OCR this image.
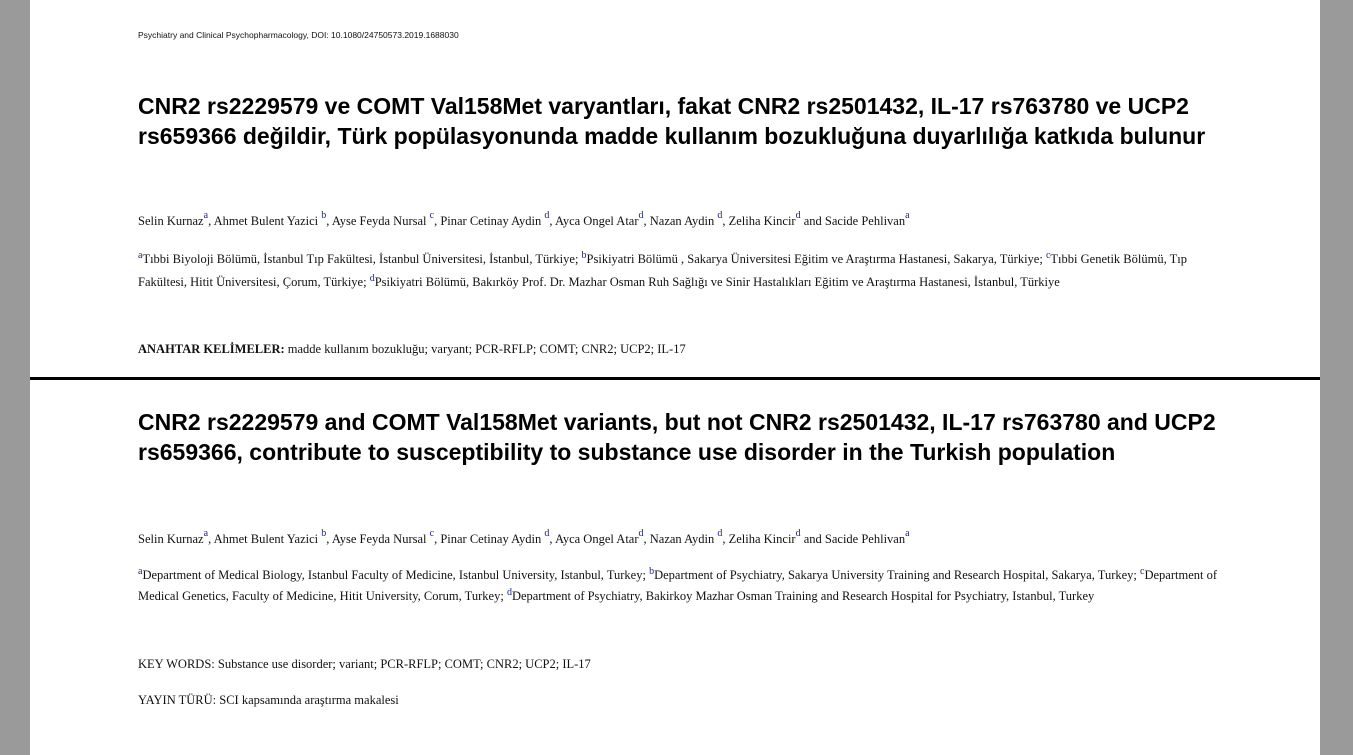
Psychiatry and Clinical Psychopharmacology, DOI: 10.1080/24750573.2019.1688030
CNR2 rs2229579 ve COMT Val158Met varyantları, fakat CNR2 rs2501432, IL-17 rs763780 ve UCP2 rs659366 değildir, Türk popülasyonunda madde kullanım bozukluğuna duyarlılığa katkıda bulunur
Selin Kurnaz$^a$, Ahmet Bulent Yazici $^b$, Ayse Feyda Nursal $^c$, Pinar Cetinay Aydin $^d$, Ayca Ongel Atar$^d$, Nazan Aydin $^d$, Zeliha Kincir$^d$ and Sacide Pehlivan$^a$
$^a$Tıbbi Biyoloji Bölümü, İstanbul Tıp Fakültesi, İstanbul Üniversitesi, İstanbul, Türkiye; $^b$Psikiyatri Bölümü , Sakarya Üniversitesi Eğitim ve Araştırma Hastanesi, Sakarya, Türkiye; $^c$Tıbbi Genetik Bölümü, Tıp Fakültesi, Hitit Üniversitesi, Çorum, Türkiye; $^d$Psikiyatri Bölümü, Bakırköy Prof. Dr. Mazhar Osman Ruh Sağlığı ve Sinir Hastalıkları Eğitim ve Araştırma Hastanesi, İstanbul, Türkiye
ANAHTAR KELİMELER: madde kullanım bozukluğu; varyant; PCR-RFLP; COMT; CNR2; UCP2; IL-17
CNR2 rs2229579 and COMT Val158Met variants, but not CNR2 rs2501432, IL-17 rs763780 and UCP2 rs659366, contribute to susceptibility to substance use disorder in the Turkish population
Selin Kurnaz$^a$, Ahmet Bulent Yazici $^b$, Ayse Feyda Nursal $^c$, Pinar Cetinay Aydin $^d$, Ayca Ongel Atar$^d$, Nazan Aydin $^d$, Zeliha Kincir$^d$ and Sacide Pehlivan$^a$
$^a$Department of Medical Biology, Istanbul Faculty of Medicine, Istanbul University, Istanbul, Turkey; $^b$Department of Psychiatry, Sakarya University Training and Research Hospital, Sakarya, Turkey; $^c$Department of Medical Genetics, Faculty of Medicine, Hitit University, Corum, Turkey; $^d$Department of Psychiatry, Bakirkoy Mazhar Osman Training and Research Hospital for Psychiatry, Istanbul, Turkey
KEY WORDS: Substance use disorder; variant; PCR-RFLP; COMT; CNR2; UCP2; IL-17
YAYIN TÜRÜ: SCI kapsamında araştırma makalesi
